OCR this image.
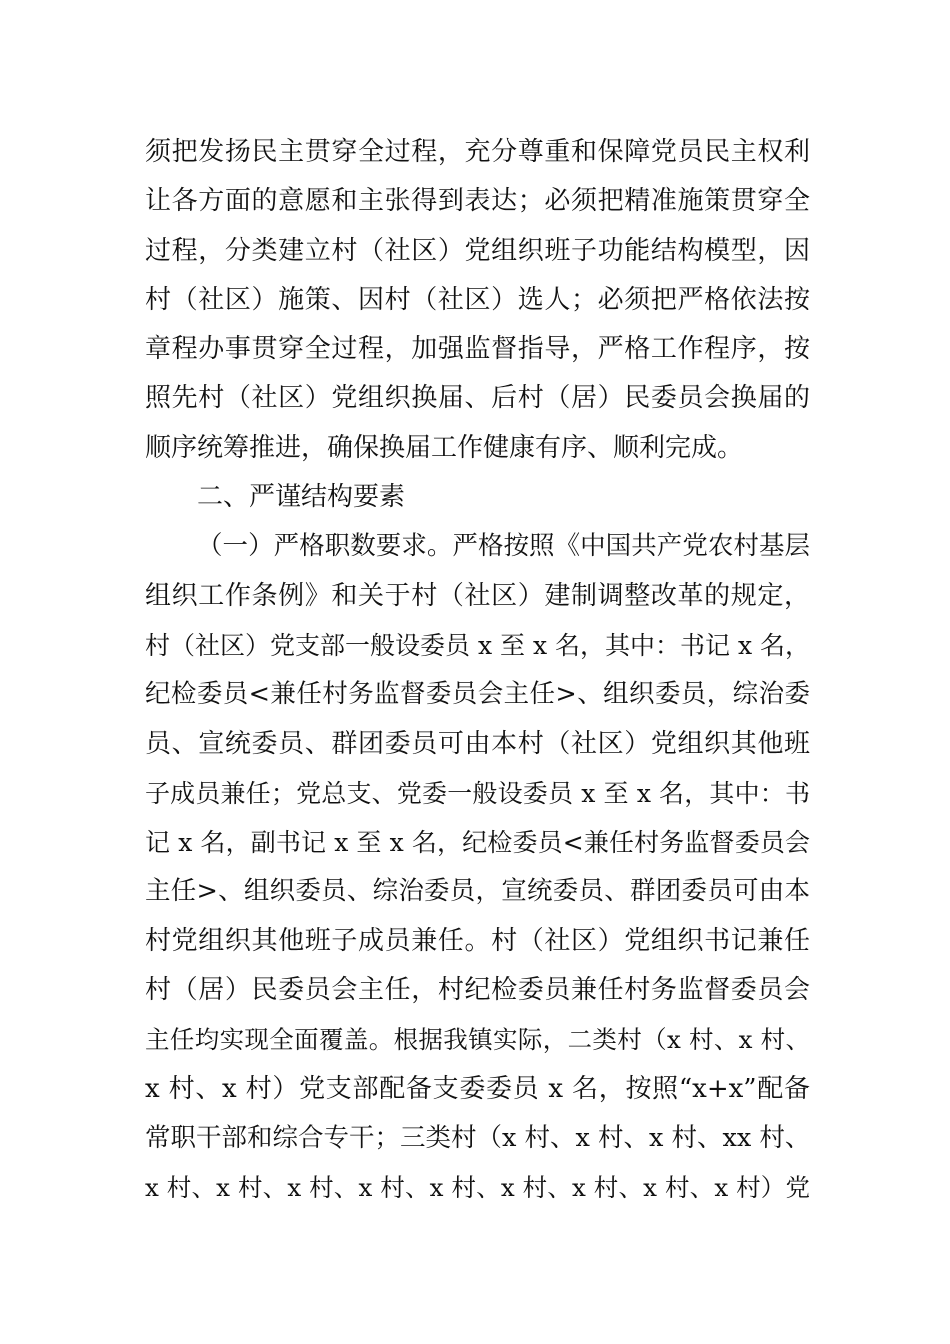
须把发扬民主贯穿全过程，充分尊重和保障党员民主权利
让各方面的意愿和主张得到表达；必须把精准施策贯穿全
过程，分类建立村（社区）党组织班子功能结构模型，因
村（社区）施策、因村（社区）选人；必须把严格依法按
章程办事贯穿全过程，加强监督指导，严格工作程序，按
照先村（社区）党组织换届、后村（居）民委员会换届的
顺序统筹推进，确保换届工作健康有序、顺利完成。
二、严谨结构要素
（一）严格职数要求。严格按照《中国共产党农村基层
组织工作条例》和关于村（社区）建制调整改革的规定，
村（社区）党支部一般设委员 x 至 x 名，其中：书记 x 名，
纪检委员<兼任村务监督委员会主任>、组织委员，综治委
员、宣统委员、群团委员可由本村（社区）党组织其他班
子成员兼任；党总支、党委一般设委员 x 至 x 名，其中：书
记 x 名，副书记 x 至 x 名，纪检委员<兼任村务监督委员会
主任>、组织委员、综治委员，宣统委员、群团委员可由本
村党组织其他班子成员兼任。村（社区）党组织书记兼任
村（居）民委员会主任，村纪检委员兼任村务监督委员会
主任均实现全面覆盖。根据我镇实际，二类村（x 村、x 村、
x 村、x 村）党支部配备支委委员 x 名，按照“x+x”配备
常职干部和综合专干；三类村（x 村、x 村、x 村、xx 村、
x 村、x 村、x 村、x 村、x 村、x 村、x 村、x 村、x 村）党
